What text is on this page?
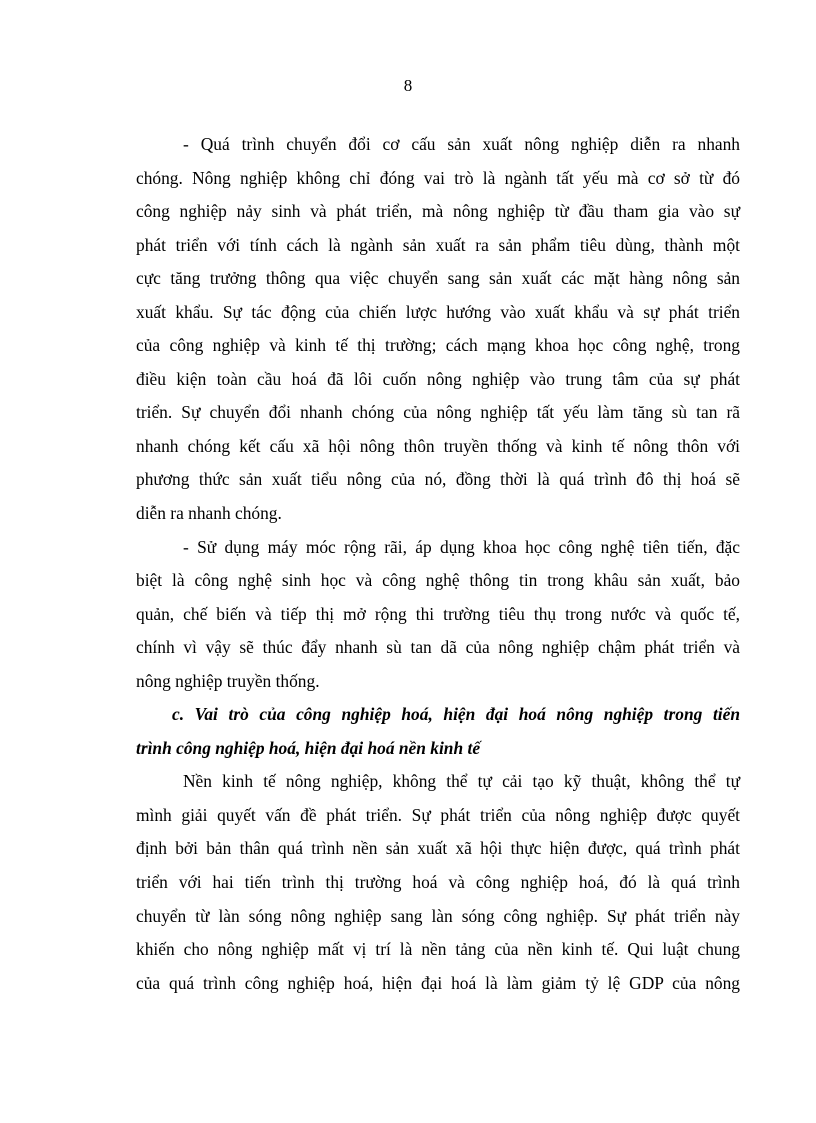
8
- Quá trình chuyển đổi cơ cấu sản xuất nông nghiệp diễn ra nhanh
chóng. Nông nghiệp không chỉ đóng vai trò là ngành tất yếu mà cơ sở từ đó
công nghiệp nảy sinh và phát triển, mà nông nghiệp từ đầu tham gia vào sự
phát triển với tính cách là ngành sản xuất ra sản phẩm tiêu dùng, thành một
cực tăng trưởng thông qua việc chuyển sang sản xuất các mặt hàng nông sản
xuất khẩu. Sự tác động của chiến lược hướng vào xuất khẩu và sự phát triển
của công nghiệp và kinh tế thị trường; cách mạng khoa học công nghệ, trong
điều kiện toàn cầu hoá đã lôi cuốn nông nghiệp vào trung tâm của sự phát
triển. Sự chuyển đổi nhanh chóng của nông nghiệp tất yếu làm tăng sù tan rã
nhanh chóng kết cấu xã hội nông thôn truyền thống và kinh tế nông thôn với
phương thức sản xuất tiểu nông của nó, đồng thời là quá trình đô thị hoá sẽ
diễn ra nhanh chóng.
- Sử dụng máy móc rộng rãi, áp dụng khoa học công nghệ tiên tiến, đặc
biệt là công nghệ sinh học và công nghệ thông tin trong khâu sản xuất, bảo
quản, chế biến và tiếp thị mở rộng thi trường tiêu thụ trong nước và quốc tế,
chính vì vậy sẽ thúc đẩy nhanh sù tan dã của nông nghiệp chậm phát triển và
nông nghiệp truyền thống.
c. Vai trò của công nghiệp hoá, hiện đại hoá nông nghiệp trong tiến
trình công nghiệp hoá, hiện đại hoá nền kinh tế
Nền kinh tế nông nghiệp, không thể tự cải tạo kỹ thuật, không thể tự
mình giải quyết vấn đề phát triển. Sự phát triển của nông nghiệp được quyết
định bởi bản thân quá trình nền sản xuất xã hội thực hiện được, quá trình phát
triển với hai tiến trình thị trường hoá và công nghiệp hoá, đó là quá trình
chuyển từ làn sóng nông nghiệp sang làn sóng công nghiệp. Sự phát triển này
khiến cho nông nghiệp mất vị trí là nền tảng của nền kinh tế. Qui luật chung
của quá trình công nghiệp hoá, hiện đại hoá là làm giảm tỷ lệ GDP của nông
